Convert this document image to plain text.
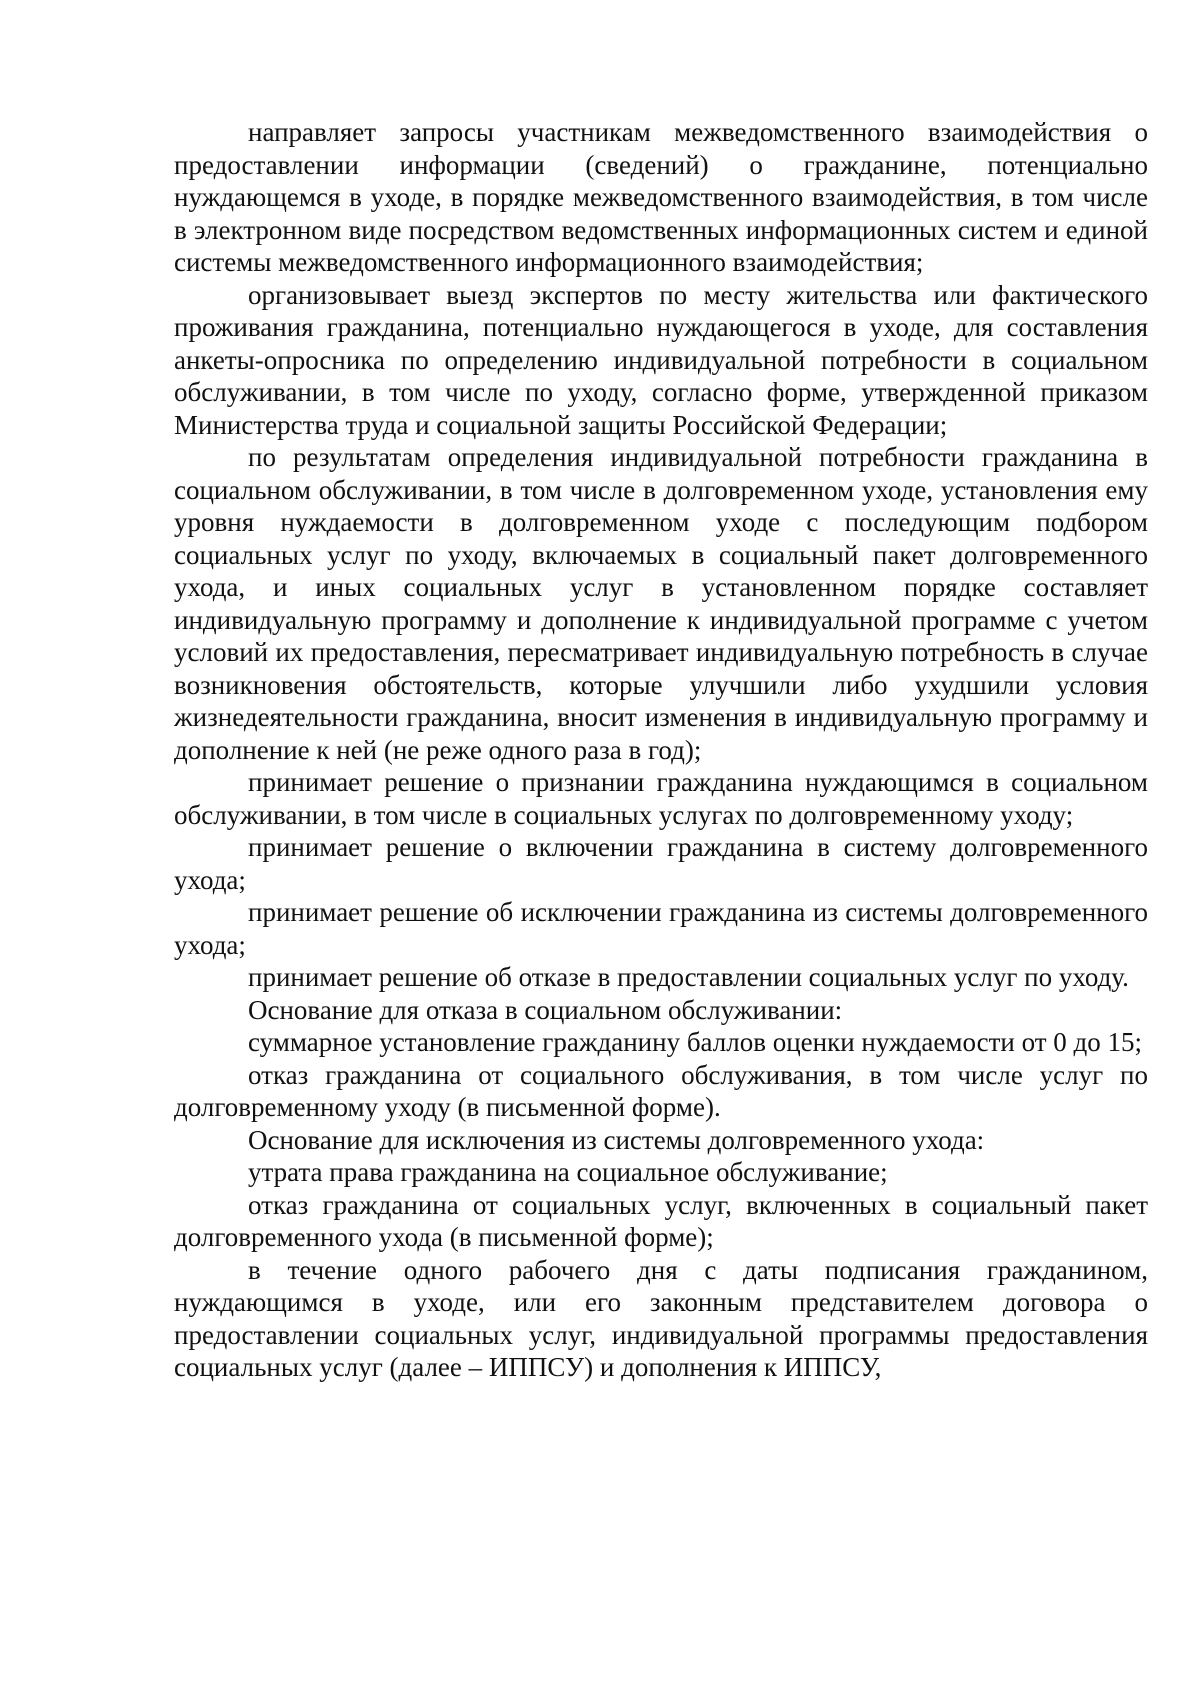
направляет запросы участникам межведомственного взаимодействия о предоставлении информации (сведений) о гражданине, потенциально нуждающемся в уходе, в порядке межведомственного взаимодействия, в том числе в электронном виде посредством ведомственных информационных систем и единой системы межведомственного информационного взаимодействия;

организовывает выезд экспертов по месту жительства или фактического проживания гражданина, потенциально нуждающегося в уходе, для составления анкеты-опросника по определению индивидуальной потребности в социальном обслуживании, в том числе по уходу, согласно форме, утвержденной приказом Министерства труда и социальной защиты Российской Федерации;

по результатам определения индивидуальной потребности гражданина в социальном обслуживании, в том числе в долговременном уходе, установления ему уровня нуждаемости в долговременном уходе с последующим подбором социальных услуг по уходу, включаемых в социальный пакет долговременного ухода, и иных социальных услуг в установленном порядке составляет индивидуальную программу и дополнение к индивидуальной программе с учетом условий их предоставления, пересматривает индивидуальную потребность в случае возникновения обстоятельств, которые улучшили либо ухудшили условия жизнедеятельности гражданина, вносит изменения в индивидуальную программу и дополнение к ней (не реже одного раза в год);

принимает решение о признании гражданина нуждающимся в социальном обслуживании, в том числе в социальных услугах по долговременному уходу;

принимает решение о включении гражданина в систему долговременного ухода;

принимает решение об исключении гражданина из системы долговременного ухода;

принимает решение об отказе в предоставлении социальных услуг по уходу.

Основание для отказа в социальном обслуживании:

суммарное установление гражданину баллов оценки нуждаемости от 0 до 15;

отказ гражданина от социального обслуживания, в том числе услуг по долговременному уходу (в письменной форме).

Основание для исключения из системы долговременного ухода:

утрата права гражданина на социальное обслуживание;

отказ гражданина от социальных услуг, включенных в социальный пакет долговременного ухода (в письменной форме);

в течение одного рабочего дня с даты подписания гражданином, нуждающимся в уходе, или его законным представителем договора о предоставлении социальных услуг, индивидуальной программы предоставления социальных услуг (далее – ИППСУ) и дополнения к ИППСУ,
